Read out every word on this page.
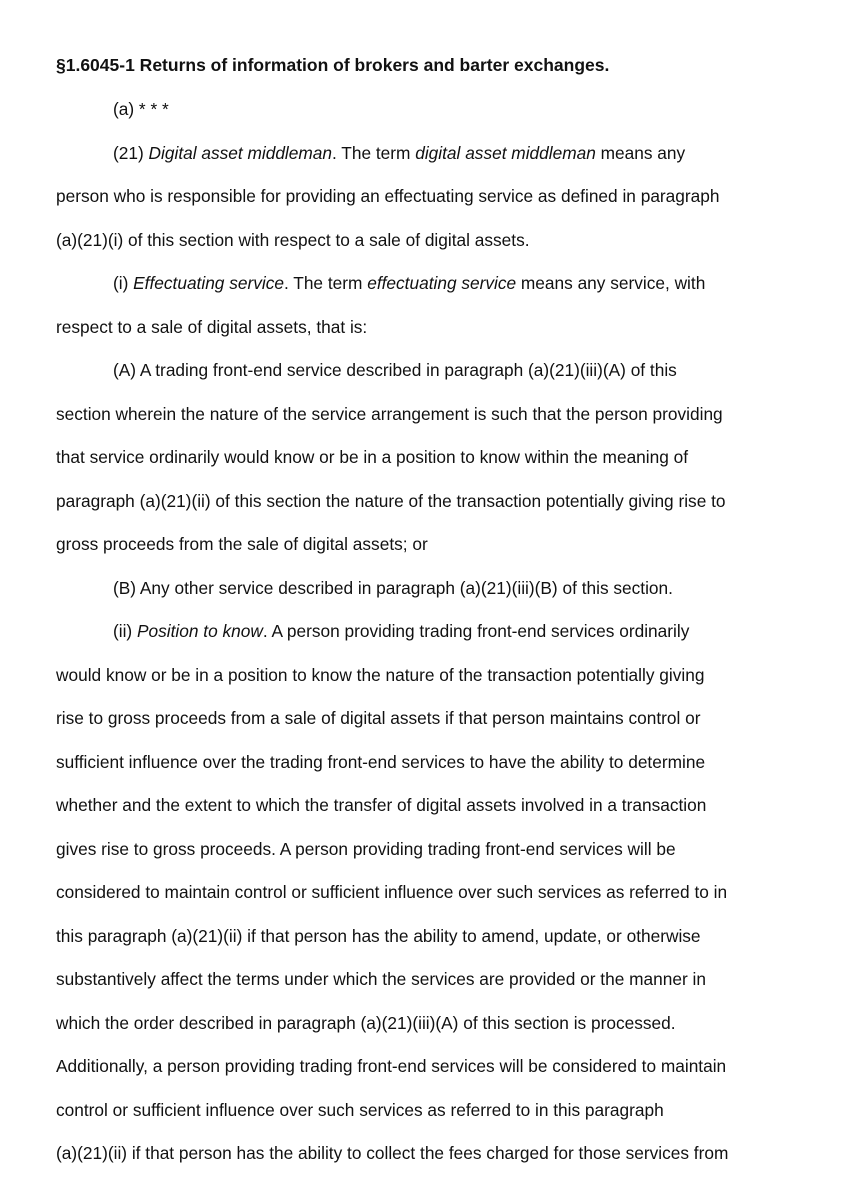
§1.6045-1 Returns of information of brokers and barter exchanges.
(a) * * *
(21) Digital asset middleman. The term digital asset middleman means any
person who is responsible for providing an effectuating service as defined in paragraph
(a)(21)(i) of this section with respect to a sale of digital assets.
(i) Effectuating service. The term effectuating service means any service, with
respect to a sale of digital assets, that is:
(A) A trading front-end service described in paragraph (a)(21)(iii)(A) of this
section wherein the nature of the service arrangement is such that the person providing
that service ordinarily would know or be in a position to know within the meaning of
paragraph (a)(21)(ii) of this section the nature of the transaction potentially giving rise to
gross proceeds from the sale of digital assets; or
(B) Any other service described in paragraph (a)(21)(iii)(B) of this section.
(ii) Position to know. A person providing trading front-end services ordinarily
would know or be in a position to know the nature of the transaction potentially giving
rise to gross proceeds from a sale of digital assets if that person maintains control or
sufficient influence over the trading front-end services to have the ability to determine
whether and the extent to which the transfer of digital assets involved in a transaction
gives rise to gross proceeds. A person providing trading front-end services will be
considered to maintain control or sufficient influence over such services as referred to in
this paragraph (a)(21)(ii) if that person has the ability to amend, update, or otherwise
substantively affect the terms under which the services are provided or the manner in
which the order described in paragraph (a)(21)(iii)(A) of this section is processed.
Additionally, a person providing trading front-end services will be considered to maintain
control or sufficient influence over such services as referred to in this paragraph
(a)(21)(ii) if that person has the ability to collect the fees charged for those services from
